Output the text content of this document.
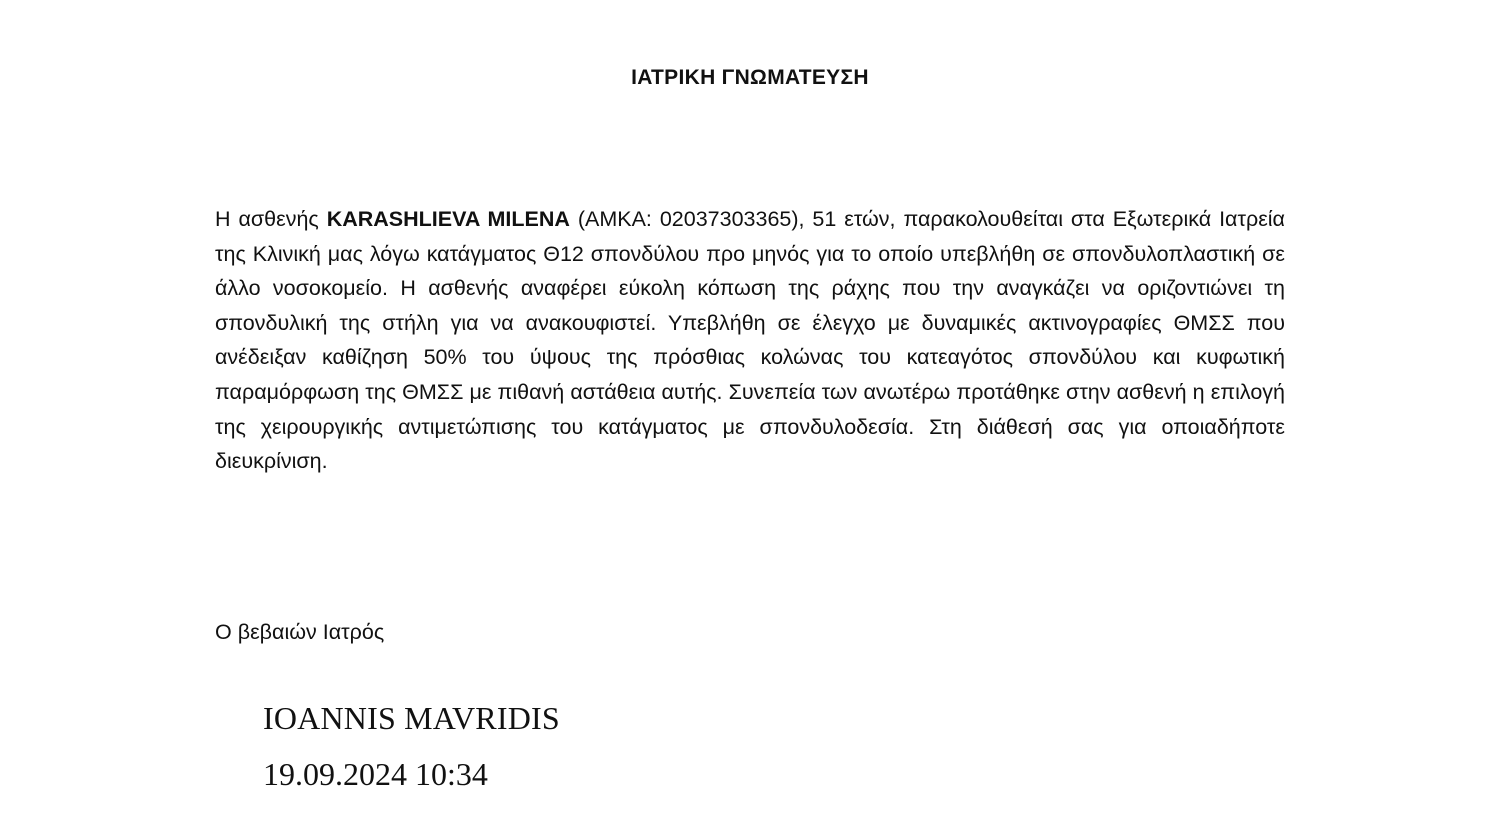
ΙΑΤΡΙΚΗ ΓΝΩΜΑΤΕΥΣΗ
Η ασθενής KARASHLIEVA MILENA (ΑΜΚΑ: 02037303365), 51 ετών, παρακολουθείται στα Εξωτερικά Ιατρεία της Κλινική μας λόγω κατάγματος Θ12 σπονδύλου προ μηνός για το οποίο υπεβλήθη σε σπονδυλοπλαστική σε άλλο νοσοκομείο. Η ασθενής αναφέρει εύκολη κόπωση της ράχης που την αναγκάζει να οριζοντιώνει τη σπονδυλική της στήλη για να ανακουφιστεί. Υπεβλήθη σε έλεγχο με δυναμικές ακτινογραφίες ΘΜΣΣ που ανέδειξαν καθίζηση 50% του ύψους της πρόσθιας κολώνας του κατεαγότος σπονδύλου και κυφωτική παραμόρφωση της ΘΜΣΣ με πιθανή αστάθεια αυτής. Συνεπεία των ανωτέρω προτάθηκε στην ασθενή η επιλογή της χειρουργικής αντιμετώπισης του κατάγματος με σπονδυλοδεσία. Στη διάθεσή σας για οποιαδήποτε διευκρίνιση.
Ο βεβαιών Ιατρός
IOANNIS MAVRIDIS
19.09.2024 10:34
